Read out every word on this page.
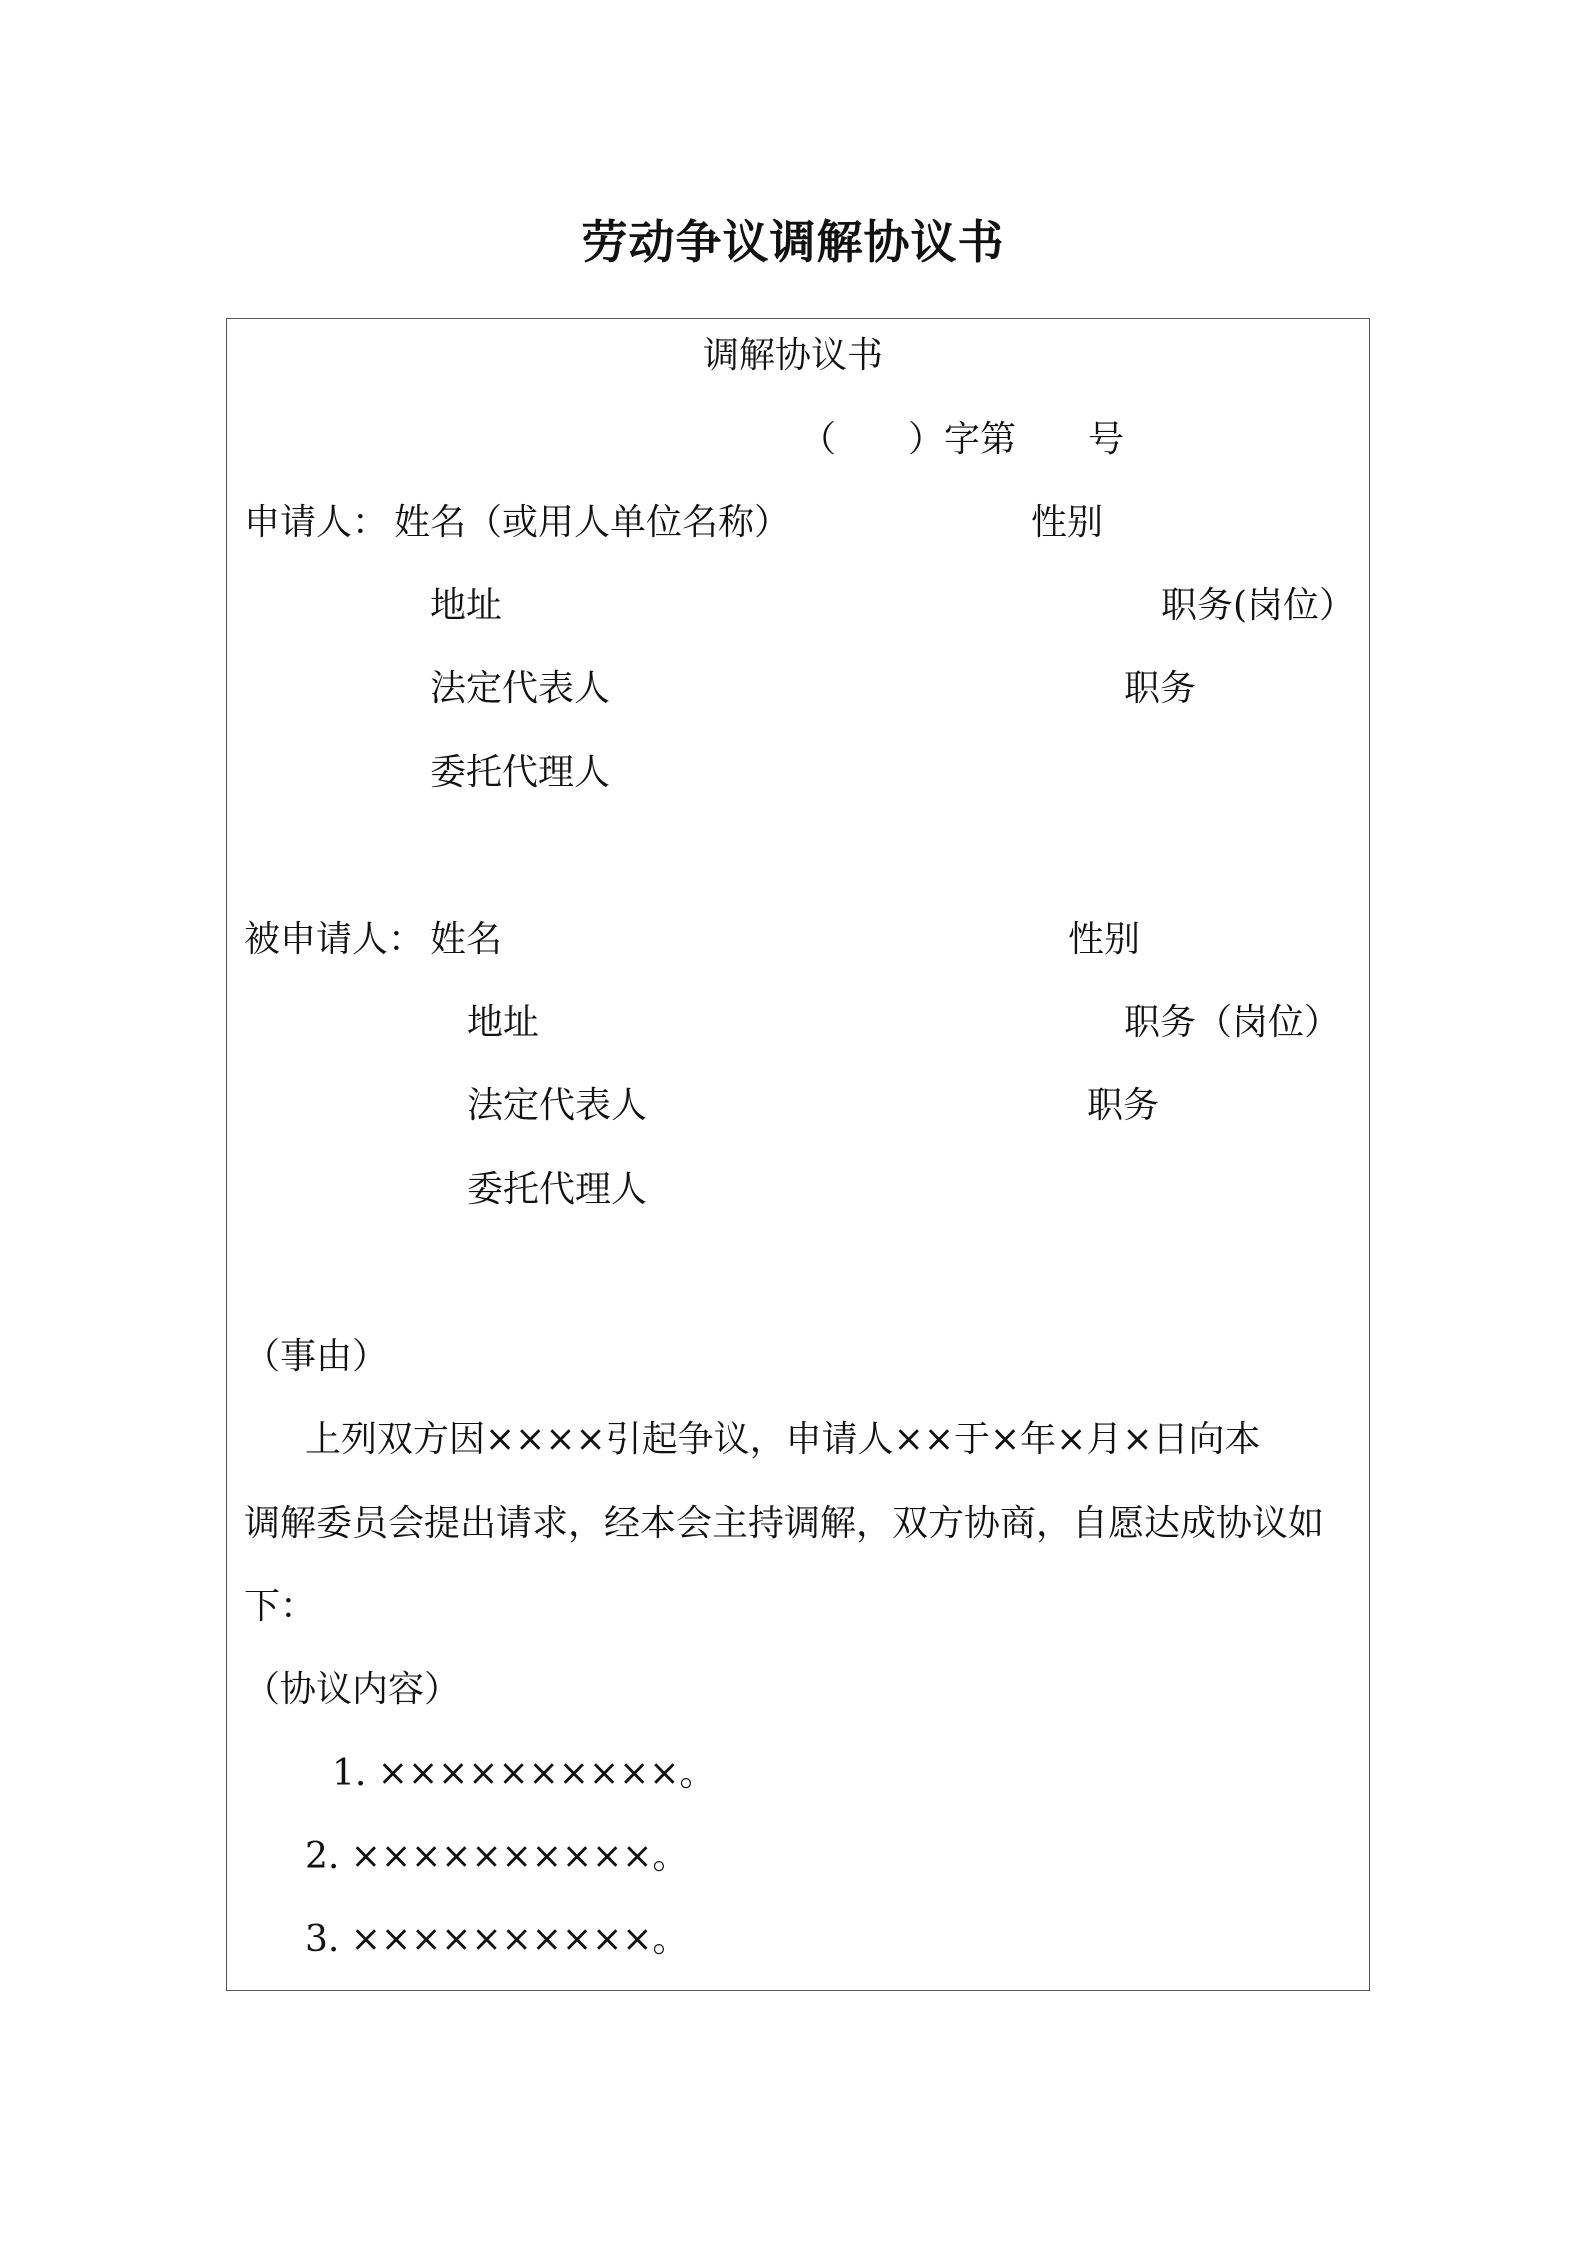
劳动争议调解协议书
调解协议书
（　　）字第　　号
申请人： 姓名（或用人单位名称）	性别
地址	职务(岗位）
法定代表人	职务
委托代理人
被申请人： 姓名	性别
地址	职务（岗位）
法定代表人	职务
委托代理人
（事由）
上列双方因××××引起争议，申请人××于×年×月×日向本
调解委员会提出请求，经本会主持调解，双方协商，自愿达成协议如
下：
（协议内容）
1. ××××××××××。
2. ××××××××××。
3. ××××××××××。
